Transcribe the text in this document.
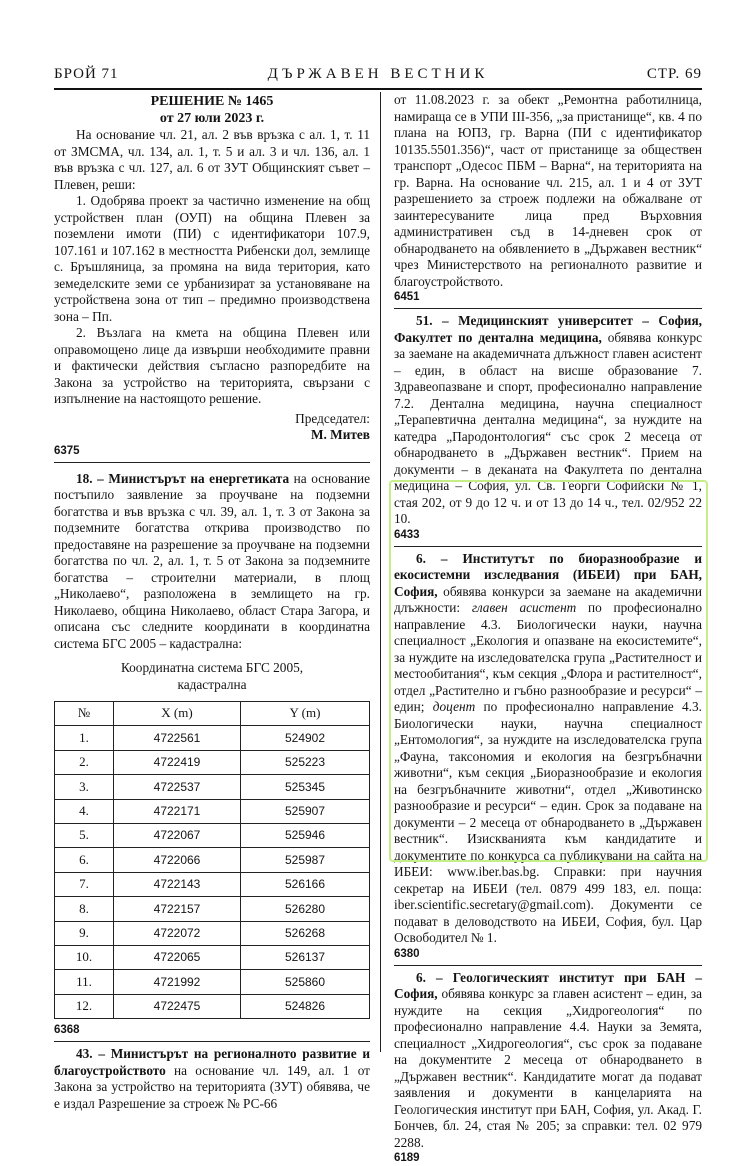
БРОЙ 71	ДЪРЖАВЕН ВЕСТНИК	СТР. 69
РЕШЕНИЕ № 1465
от 27 юли 2023 г.

На основание чл. 21, ал. 2 във връзка с ал. 1, т. 11 от ЗМСМА, чл. 134, ал. 1, т. 5 и ал. 3 и чл. 136, ал. 1 във връзка с чл. 127, ал. 6 от ЗУТ Общинският съвет – Плевен, реши:

1. Одобрява проект за частично изменение на общ устройствен план (ОУП) на община Плевен за поземлени имоти (ПИ) с идентификатори 107.9, 107.161 и 107.162 в местността Рибенски дол, землище с. Бръшляница, за промяна на вида територия, като земеделските земи се урбанизират за установяване на устройствена зона от тип – предимно производствена зона – Пп.

2. Възлага на кмета на община Плевен или оправомощено лице да извърши необходимите правни и фактически действия съгласно разпоредбите на Закона за устройство на територията, свързани с изпълнение на настоящото решение.

Председател:
М. Митев
6375

18. – Министърът на енергетиката на основание постъпило заявление за проучване на подземни богатства и във връзка с чл. 39, ал. 1, т. 3 от Закона за подземните богатства открива производство по предоставяне на разрешение за проучване на подземни богатства по чл. 2, ал. 1, т. 5 от Закона за подземните богатства – строителни материали, в площ „Николаево“, разположена в землището на гр. Николаево, община Николаево, област Стара Загора, и описана със следните координати в координатна система БГС 2005 – кадастрална:

Координатна система БГС 2005,
кадастрална
№	X (m)	Y (m)
1.	4722561	524902
2.	4722419	525223
3.	4722537	525345
4.	4722171	525907
5.	4722067	525946
6.	4722066	525987
7.	4722143	526166
8.	4722157	526280
9.	4722072	526268
10.	4722065	526137
11.	4721992	525860
12.	4722475	524826
6368

43. – Министърът на регионалното развитие и благоустройството на основание чл. 149, ал. 1 от Закона за устройство на територията (ЗУТ) обявява, че е издал Разрешение за строеж № РС-66

от 11.08.2023 г. за обект „Ремонтна работилница, намираща се в УПИ III-356, „за пристанище“, кв. 4 по плана на ЮПЗ, гр. Варна (ПИ с идентификатор 10135.5501.356)“, част от пристанище за обществен транспорт „Одесос ПБМ – Варна“, на територията на гр. Варна. На основание чл. 215, ал. 1 и 4 от ЗУТ разрешението за строеж подлежи на обжалване от заинтересуваните лица пред Върховния административен съд в 14-дневен срок от обнародването на обявлението в „Държавен вестник“ чрез Министерството на регионалното развитие и благоустройството.

6451

51. – Медицинският университет – София, Факултет по дентална медицина, обявява конкурс за заемане на академичната длъжност главен асистент – един, в област на висше образование 7. Здравеопазване и спорт, професионално направление 7.2. Дентална медицина, научна специалност „Терапевтична дентална медицина“, за нуждите на катедра „Пародонтология“ със срок 2 месеца от обнародването в „Държавен вестник“. Прием на документи – в деканата на Факултета по дентална медицина – София, ул. Св. Георги Софийски № 1, стая 202, от 9 до 12 ч. и от 13 до 14 ч., тел. 02/952 22 10.

6433

6. – Институтът по биоразнообразие и екосистемни изследвания (ИБЕИ) при БАН, София, обявява конкурси за заемане на академични длъжности: главен асистент по професионално направление 4.3. Биологически науки, научна специалност „Екология и опазване на екосистемите“, за нуждите на изследователска група „Растителност и местообитания“, към секция „Флора и растителност“, отдел „Растително и гъбно разнообразие и ресурси“ – един; доцент по професионално направление 4.3. Биологически науки, научна специалност „Ентомология“, за нуждите на изследователска група „Фауна, таксономия и екология на безгръбначни животни“, към секция „Биоразнообразие и екология на безгръбначните животни“, отдел „Животинско разнообразие и ресурси“ – един. Срок за подаване на документи – 2 месеца от обнародването в „Държавен вестник“. Изискванията към кандидатите и документите по конкурса са публикувани на сайта на ИБЕИ: www.iber.bas.bg. Справки: при научния секретар на ИБЕИ (тел. 0879 499 183, ел. поща: iber.scientific.secretary@gmail.com). Документи се подават в деловодството на ИБЕИ, София, бул. Цар Освободител № 1.

6380

6. – Геологическият институт при БАН – София, обявява конкурс за главен асистент – един, за нуждите на секция „Хидрогеология“ по професионално направление 4.4. Науки за Земята, специалност „Хидрогеология“, със срок за подаване на документите 2 месеца от обнародването в „Държавен вестник“. Кандидатите могат да подават заявления и документи в канцеларията на Геологическия институт при БАН, София, ул. Акад. Г. Бончев, бл. 24, стая № 205; за справки: тел. 02 979 2288.

6189
